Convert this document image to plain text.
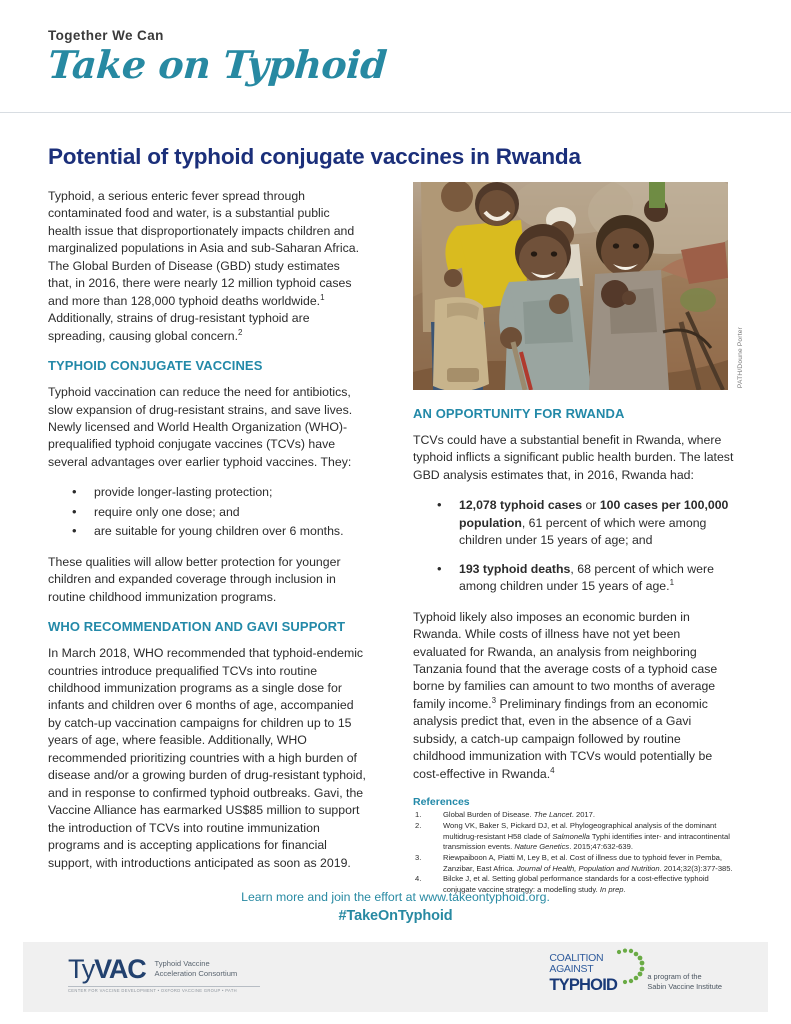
Together We Can
Take on Typhoid
Potential of typhoid conjugate vaccines in Rwanda

Typhoid, a serious enteric fever spread through contaminated food and water, is a substantial public health issue that disproportionately impacts children and marginalized populations in Asia and sub-Saharan Africa. The Global Burden of Disease (GBD) study estimates that, in 2016, there were nearly 12 million typhoid cases and more than 128,000 typhoid deaths worldwide.$^1$ Additionally, strains of drug-resistant typhoid are spreading, causing global concern.$^2$

TYPHOID CONJUGATE VACCINES

Typhoid vaccination can reduce the need for antibiotics, slow expansion of drug-resistant strains, and save lives. Newly licensed and World Health Organization (WHO)-prequalified typhoid conjugate vaccines (TCVs) have several advantages over earlier typhoid vaccines. They:

• provide longer-lasting protection;
• require only one dose; and
• are suitable for young children over 6 months.

These qualities will allow better protection for younger children and expanded coverage through inclusion in routine childhood immunization programs.

WHO RECOMMENDATION AND GAVI SUPPORT

In March 2018, WHO recommended that typhoid-endemic countries introduce prequalified TCVs into routine childhood immunization programs as a single dose for infants and children over 6 months of age, accompanied by catch-up vaccination campaigns for children up to 15 years of age, where feasible. Additionally, WHO recommended prioritizing countries with a high burden of disease and/or a growing burden of drug-resistant typhoid, and in response to confirmed typhoid outbreaks. Gavi, the Vaccine Alliance has earmarked US$85 million to support the introduction of TCVs into routine immunization programs and is accepting applications for financial support, with introductions anticipated as soon as 2019.

PATH/Doune Porter
AN OPPORTUNITY FOR RWANDA

TCVs could have a substantial benefit in Rwanda, where typhoid inflicts a significant public health burden. The latest GBD analysis estimates that, in 2016, Rwanda had:

• 12,078 typhoid cases or 100 cases per 100,000 population, 61 percent of which were among children under 15 years of age; and
• 193 typhoid deaths, 68 percent of which were among children under 15 years of age.$^1$

Typhoid likely also imposes an economic burden in Rwanda. While costs of illness have not yet been evaluated for Rwanda, an analysis from neighboring Tanzania found that the average costs of a typhoid case borne by families can amount to two months of average family income.$^3$ Preliminary findings from an economic analysis predict that, even in the absence of a Gavi subsidy, a catch-up campaign followed by routine childhood immunization with TCVs would potentially be cost-effective in Rwanda.$^4$

References
Global Burden of Disease. The Lancet. 2017.
Wong VK, Baker S, Pickard DJ, et al. Phylogeographical analysis of the dominant multidrug-resistant H58 clade of Salmonella Typhi identifies inter- and intracontinental transmission events. Nature Genetics. 2015;47:632-639.
Riewpaiboon A, Piatti M, Ley B, et al. Cost of illness due to typhoid fever in Pemba, Zanzibar, East Africa. Journal of Health, Population and Nutrition. 2014;32(3):377-385.
Bilcke J, et al. Setting global performance standards for a cost-effective typhoid conjugate vaccine strategy: a modelling study. In prep.
Learn more and join the effort at www.takeontyphoid.org.
#TakeOnTyphoid
TyVAC Typhoid Vaccine
Acceleration Consortium
CENTER FOR VACCINE DEVELOPMENT • OXFORD VACCINE GROUP • PATH
COALITION
AGAINST
TYPHOID	a program of the
Sabin Vaccine Institute
